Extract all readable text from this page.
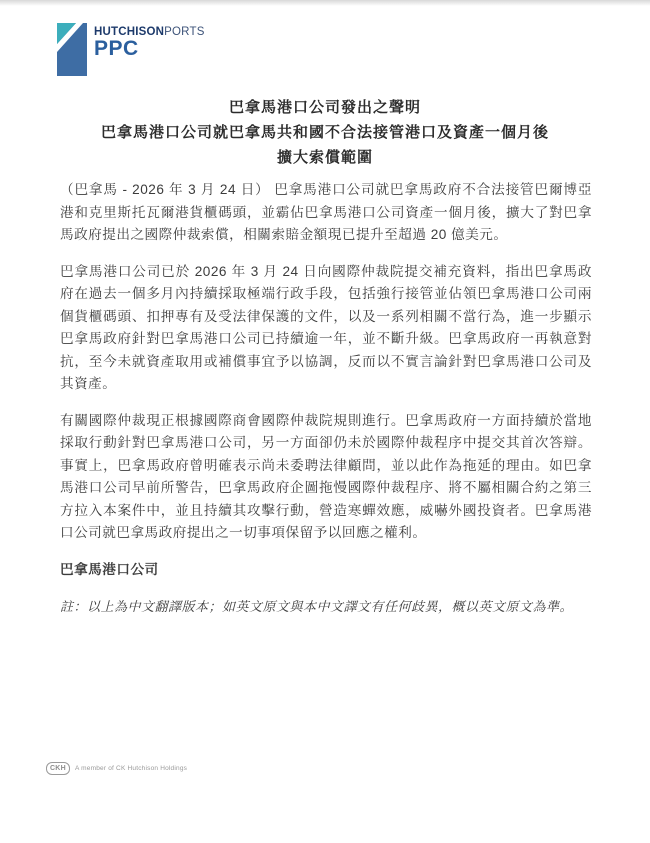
HUTCHISONPORTS
PPC
巴拿馬港口公司發出之聲明
巴拿馬港口公司就巴拿馬共和國不合法接管港口及資產一個月後
擴大索償範圍

（巴拿馬 - 2026 年 3 月 24 日） 巴拿馬港口公司就巴拿馬政府不合法接管巴爾博亞港和克里斯托瓦爾港貨櫃碼頭，並霸佔巴拿馬港口公司資產一個月後，擴大了對巴拿馬政府提出之國際仲裁索償，相關索賠金額現已提升至超過 20 億美元。

巴拿馬港口公司已於 2026 年 3 月 24 日向國際仲裁院提交補充資料，指出巴拿馬政府在過去一個多月內持續採取極端行政手段，包括強行接管並佔領巴拿馬港口公司兩個貨櫃碼頭、扣押專有及受法律保護的文件，以及一系列相關不當行為，進一步顯示巴拿馬政府針對巴拿馬港口公司已持續逾一年，並不斷升級。巴拿馬政府一再執意對抗，至今未就資產取用或補償事宜予以協調，反而以不實言論針對巴拿馬港口公司及其資產。

有關國際仲裁現正根據國際商會國際仲裁院規則進行。巴拿馬政府一方面持續於當地採取行動針對巴拿馬港口公司，另一方面卻仍未於國際仲裁程序中提交其首次答辯。事實上，巴拿馬政府曾明確表示尚未委聘法律顧問，並以此作為拖延的理由。如巴拿馬港口公司早前所警告，巴拿馬政府企圖拖慢國際仲裁程序、將不屬相關合約之第三方拉入本案件中，並且持續其攻擊行動，營造寒蟬效應，威嚇外國投資者。巴拿馬港口公司就巴拿馬政府提出之一切事項保留予以回應之權利。

巴拿馬港口公司

註：以上為中文翻譯版本；如英文原文與本中文譯文有任何歧異，概以英文原文為準。

CKH A member of CK Hutchison Holdings
